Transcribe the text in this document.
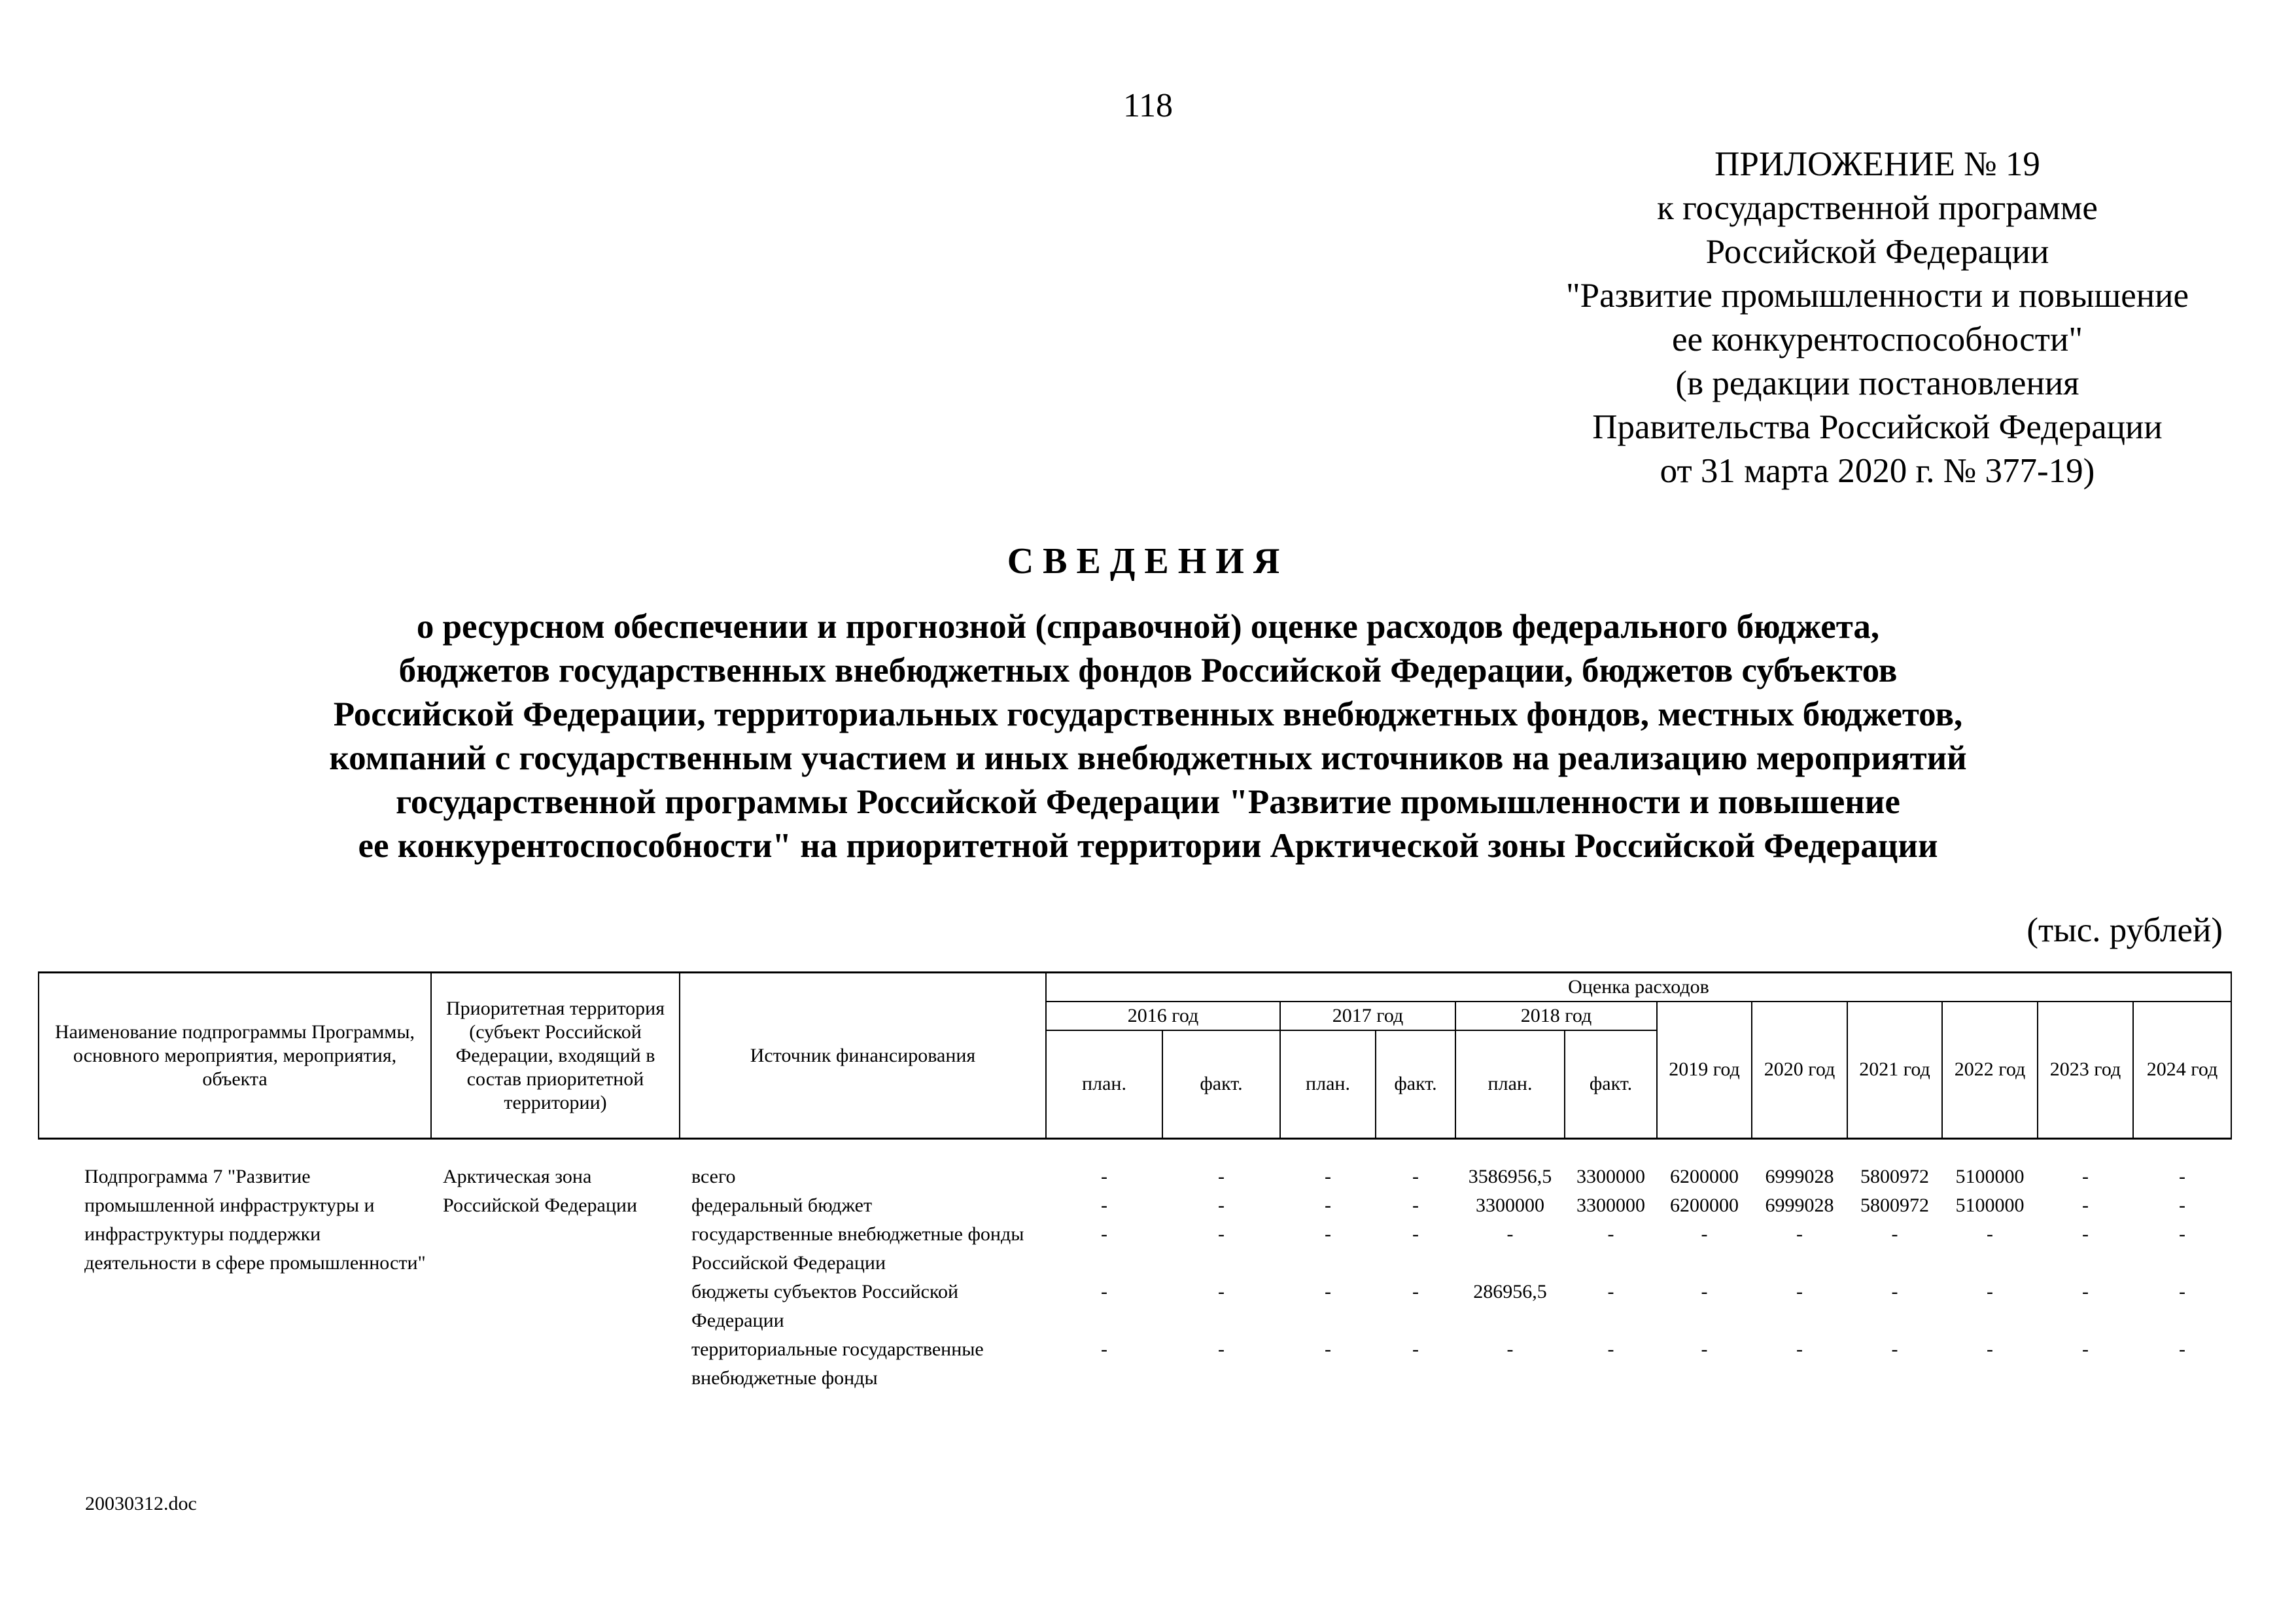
118
ПРИЛОЖЕНИЕ № 19
к государственной программе
Российской Федерации
"Развитие промышленности и повышение
ее конкурентоспособности"
(в редакции постановления
Правительства Российской Федерации
от 31 марта 2020 г. № 377-19)
СВЕДЕНИЯ
о ресурсном обеспечении и прогнозной (справочной) оценке расходов федерального бюджета,
бюджетов государственных внебюджетных фондов Российской Федерации, бюджетов субъектов
Российской Федерации, территориальных государственных внебюджетных фондов, местных бюджетов,
компаний с государственным участием и иных внебюджетных источников на реализацию мероприятий
государственной программы Российской Федерации "Развитие промышленности и повышение
ее конкурентоспособности" на приоритетной территории Арктической зоны Российской Федерации
(тыс. рублей)
Наименование подпрограммы Программы, основного мероприятия, мероприятия, объекта	Приоритетная территория (субъект Российской Федерации, входящий в состав приоритетной территории)	Источник финансирования	Оценка расходов											
			2016 год		2017 год		2018 год		2019 год	2020 год	2021 год	2022 год	2023 год	2024 год
			план.	факт.	план.	факт.	план.	факт.						

Подпрограмма 7 "Развитие промышленной инфраструктуры и инфраструктуры поддержки деятельности в сфере промышленности"	Арктическая зона Российской Федерации	всего	-	-	-	-	3586956,5	3300000	6200000	6999028	5800972	5100000	-	-
		федеральный бюджет	-	-	-	-	3300000	3300000	6200000	6999028	5800972	5100000	-	-
		государственные внебюджетные фонды Российской Федерации	-	-	-	-	-	-	-	-	-	-	-	-
		бюджеты субъектов Российской Федерации	-	-	-	-	286956,5	-	-	-	-	-	-	-
		территориальные государственные внебюджетные фонды	-	-	-	-	-	-	-	-	-	-	-	-
20030312.doc
